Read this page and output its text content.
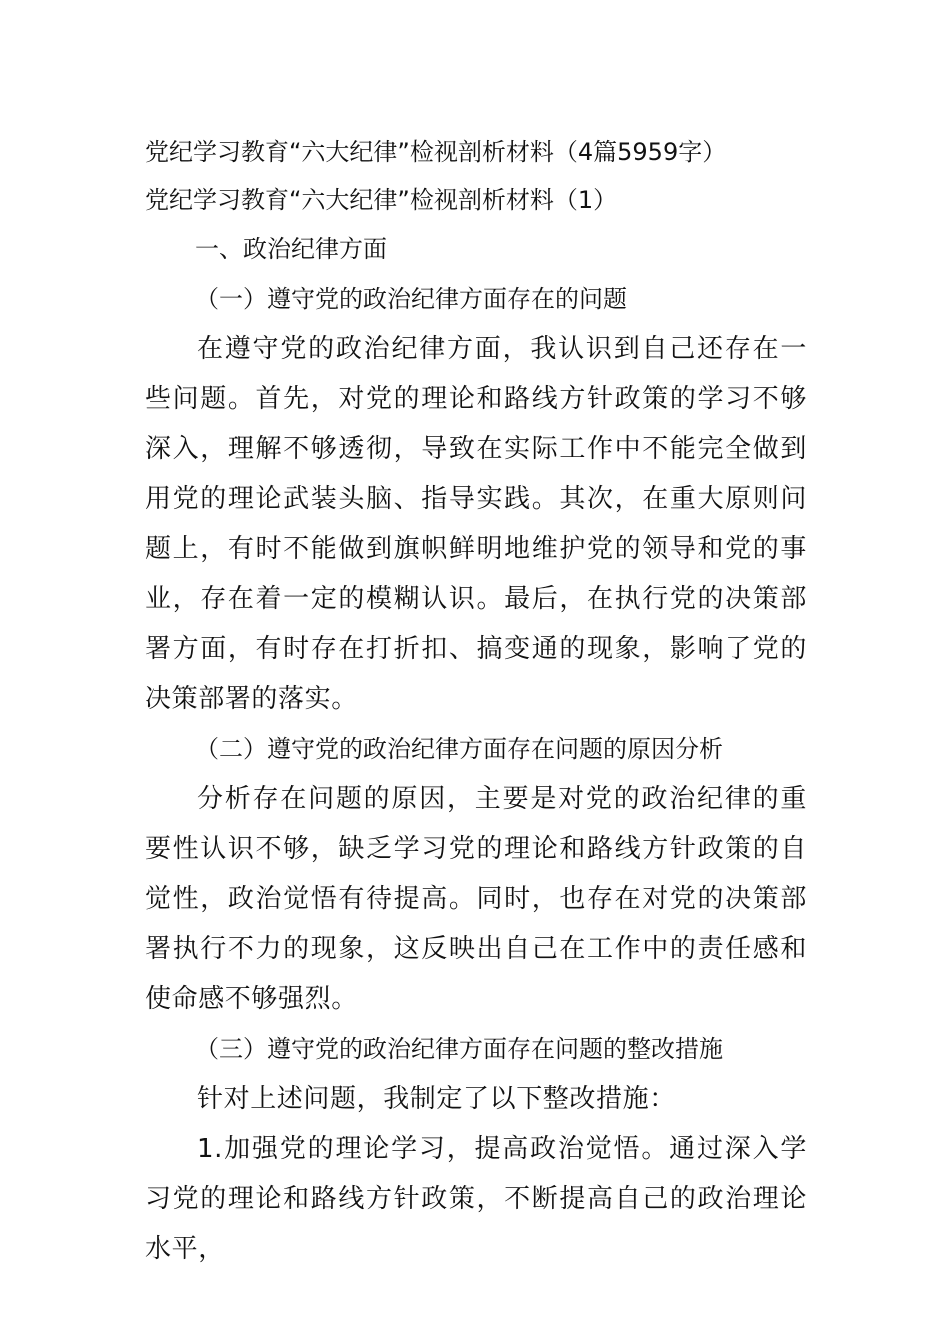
党纪学习教育“六大纪律”检视剖析材料（4篇5959字）

党纪学习教育“六大纪律”检视剖析材料（1）

一、政治纪律方面

（一）遵守党的政治纪律方面存在的问题

在遵守党的政治纪律方面，我认识到自己还存在一些问题。首先，对党的理论和路线方针政策的学习不够深入，理解不够透彻，导致在实际工作中不能完全做到用党的理论武装头脑、指导实践。其次，在重大原则问题上，有时不能做到旗帜鲜明地维护党的领导和党的事业，存在着一定的模糊认识。最后，在执行党的决策部署方面，有时存在打折扣、搞变通的现象，影响了党的决策部署的落实。

（二）遵守党的政治纪律方面存在问题的原因分析

分析存在问题的原因，主要是对党的政治纪律的重要性认识不够，缺乏学习党的理论和路线方针政策的自觉性，政治觉悟有待提高。同时，也存在对党的决策部署执行不力的现象，这反映出自己在工作中的责任感和使命感不够强烈。

（三）遵守党的政治纪律方面存在问题的整改措施

针对上述问题，我制定了以下整改措施：

1.加强党的理论学习，提高政治觉悟。通过深入学习党的理论和路线方针政策，不断提高自己的政治理论水平，
